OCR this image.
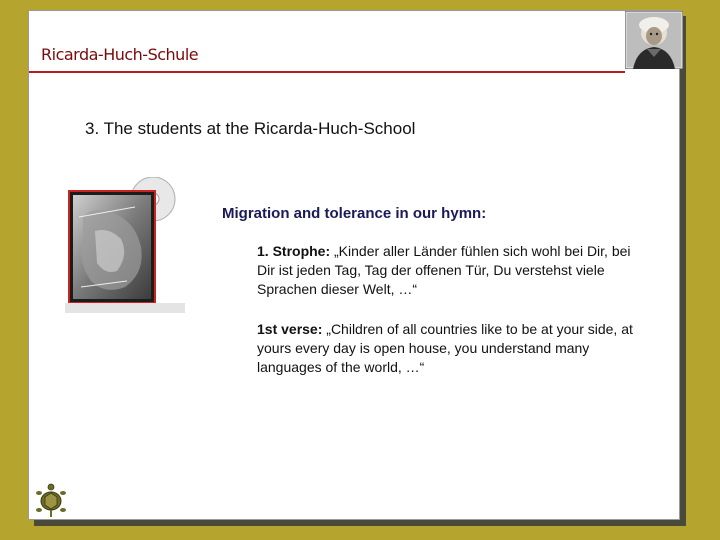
Ricarda-Huch-Schule
3. The students at the Ricarda-Huch-School
Migration and tolerance in our hymn:
1. Strophe: „Kinder aller Länder fühlen sich wohl bei Dir, bei Dir ist jeden Tag, Tag der offenen Tür, Du verstehst viele Sprachen dieser Welt, …“
1st verse: „Children of all countries like to be at your side, at yours every day is open house, you understand many languages of the world, …“
